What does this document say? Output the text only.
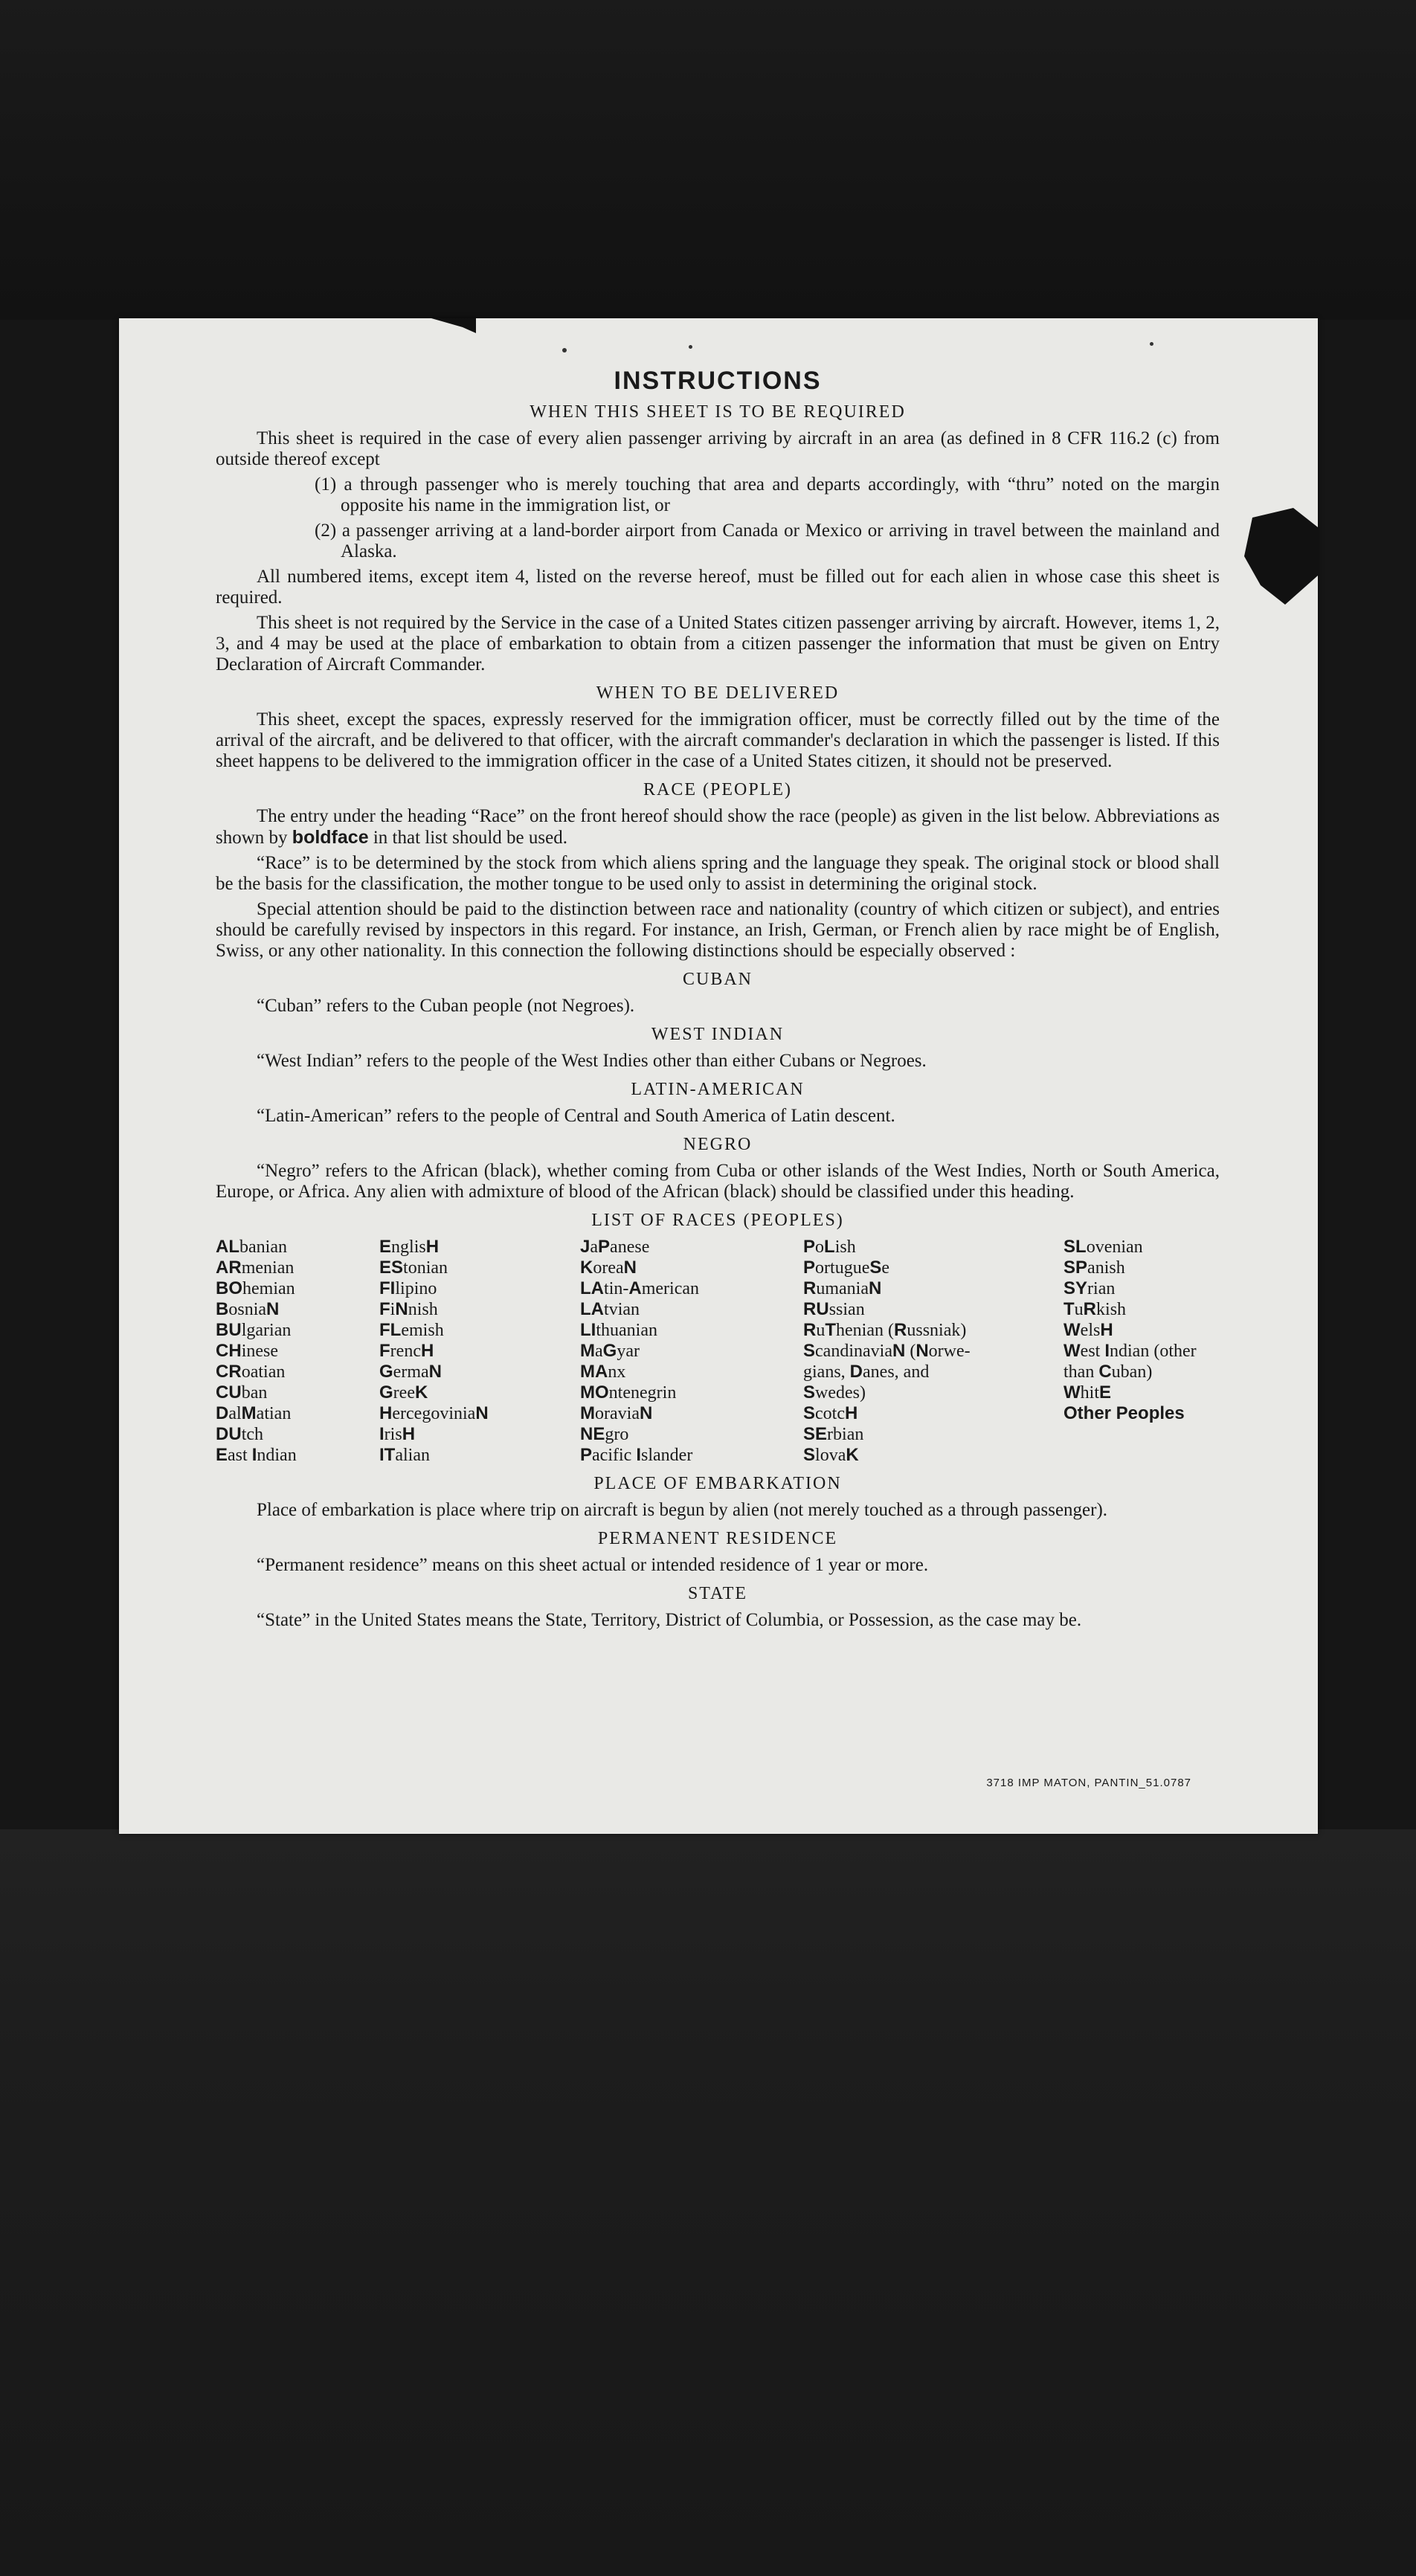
INSTRUCTIONS
WHEN THIS SHEET IS TO BE REQUIRED

This sheet is required in the case of every alien passenger arriving by aircraft in an area (as defined in 8 CFR 116.2 (c) from outside thereof except

(1) a through passenger who is merely touching that area and departs accordingly, with “thru” noted on the margin opposite his name in the immigration list, or
(2) a passenger arriving at a land-border airport from Canada or Mexico or arriving in travel between the mainland and Alaska.

All numbered items, except item 4, listed on the reverse hereof, must be filled out for each alien in whose case this sheet is required.

This sheet is not required by the Service in the case of a United States citizen passenger arriving by aircraft. However, items 1, 2, 3, and 4 may be used at the place of embarkation to obtain from a citizen passenger the information that must be given on Entry Declaration of Aircraft Commander.

WHEN TO BE DELIVERED

This sheet, except the spaces, expressly reserved for the immigration officer, must be correctly filled out by the time of the arrival of the aircraft, and be delivered to that officer, with the aircraft commander's declaration in which the passenger is listed. If this sheet happens to be delivered to the immigration officer in the case of a United States citizen, it should not be preserved.

RACE (PEOPLE)

The entry under the heading “Race” on the front hereof should show the race (people) as given in the list below. Abbreviations as shown by boldface in that list should be used.

“Race” is to be determined by the stock from which aliens spring and the language they speak. The original stock or blood shall be the basis for the classification, the mother tongue to be used only to assist in determining the original stock.

Special attention should be paid to the distinction between race and nationality (country of which citizen or subject), and entries should be carefully revised by inspectors in this regard. For instance, an Irish, German, or French alien by race might be of English, Swiss, or any other nationality. In this connection the following distinctions should be especially observed :

CUBAN

“Cuban” refers to the Cuban people (not Negroes).

WEST INDIAN

“West Indian” refers to the people of the West Indies other than either Cubans or Negroes.

LATIN-AMERICAN

“Latin-American” refers to the people of Central and South America of Latin descent.

NEGRO

“Negro” refers to the African (black), whether coming from Cuba or other islands of the West Indies, North or South America, Europe, or Africa. Any alien with admixture of blood of the African (black) should be classified under this heading.

LIST OF RACES (PEOPLES)
ALbanian
ARmenian
BOhemian
BosniaN
BUlgarian
CHinese
CRoatian
CUban
DalMatian
DUtch
East Indian
EnglisH
EStonian
FIlipino
FiNnish
FLemish
FrencH
GermaN
GreeK
HercegoviniaN
IrisH
ITalian
JaPanese
KoreaN
LAtin-American
LAtvian
LIthuanian
MaGyar
MAnx
MOntenegrin
MoraviaN
NEgro
Pacific Islander
PoLish
PortugueSe
RumaniaN
RUssian
RuThenian (Russniak)
ScandinaviaN (Norwe-
gians, Danes, and
Swedes)
ScotcH
SErbian
SlovaK
SLovenian
SPanish
SYrian
TuRkish
WelsH
West Indian (other
than Cuban)
WhitE
Other Peoples
PLACE OF EMBARKATION

Place of embarkation is place where trip on aircraft is begun by alien (not merely touched as a through passenger).

PERMANENT RESIDENCE

“Permanent residence” means on this sheet actual or intended residence of 1 year or more.

STATE

“State” in the United States means the State, Territory, District of Columbia, or Possession, as the case may be.

3718 IMP MATON, PANTIN_51.0787
